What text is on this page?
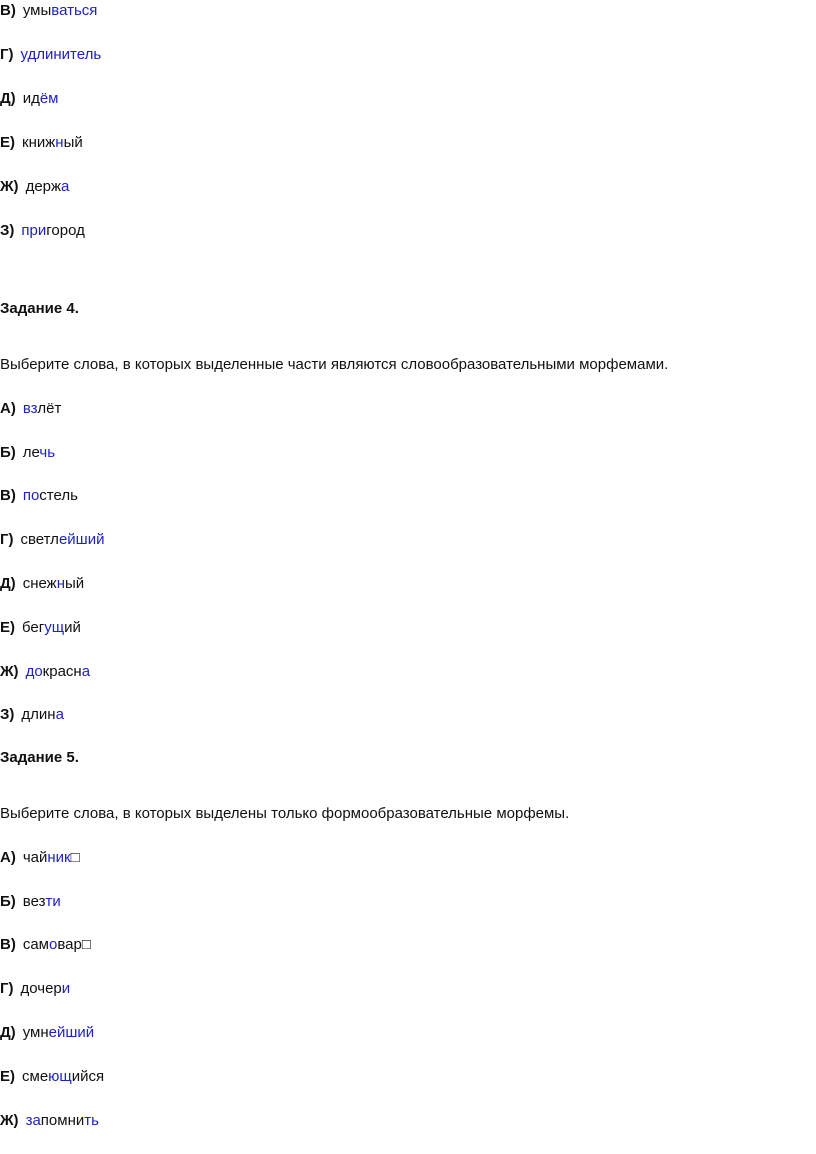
В) умываться
Г) удлинитель
Д) идём
Е) книжный
Ж) держа
З) пригород
Задание 4.
Выберите слова, в которых выделенные части являются словообразовательными морфемами.
А) взлёт
Б) лечь
В) постель
Г) светлейший
Д) снежный
Е) бегущий
Ж) докрасна
З) длина
Задание 5.
Выберите слова, в которых выделены только формообразовательные морфемы.
А) чайник□
Б) везти
В) самовар□
Г) дочери
Д) умнейший
Е) смеющийся
Ж) запомнить
